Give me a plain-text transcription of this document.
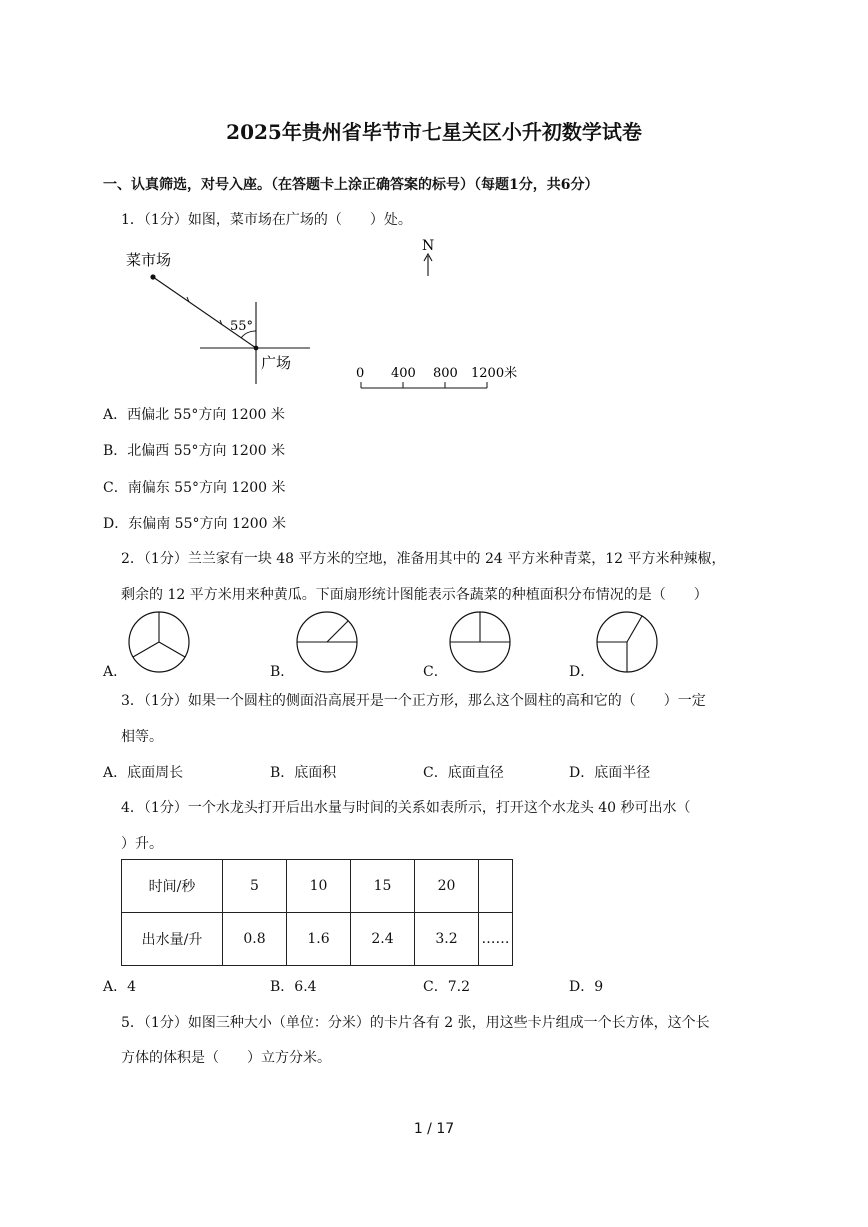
2025年贵州省毕节市七星关区小升初数学试卷
一、认真筛选，对号入座。（在答题卡上涂正确答案的标号）（每题1分，共6分）
1．（1分）如图，菜市场在广场的（　　）处。
菜市场
55°
广场
N
0 400 800 1200米
A．西偏北 55°方向 1200 米
B．北偏西 55°方向 1200 米
C．南偏东 55°方向 1200 米
D．东偏南 55°方向 1200 米
2．（1分）兰兰家有一块 48 平方米的空地，准备用其中的 24 平方米种青菜，12 平方米种辣椒，
剩余的 12 平方米用来种黄瓜。下面扇形统计图能表示各蔬菜的种植面积分布情况的是（　　）
A．	B．	C．	D．
3．（1分）如果一个圆柱的侧面沿高展开是一个正方形，那么这个圆柱的高和它的（　　）一定
相等。
A．底面周长	B．底面积	C．底面直径	D．底面半径
4．（1分）一个水龙头打开后出水量与时间的关系如表所示，打开这个水龙头 40 秒可出水（
）升。
时间/秒	5	10	15	20	
出水量/升	0.8	1.6	2.4	3.2	……
A．4	B．6.4	C．7.2	D．9
5．（1分）如图三种大小（单位：分米）的卡片各有 2 张，用这些卡片组成一个长方体，这个长
方体的体积是（　　）立方分米。
1 / 17
